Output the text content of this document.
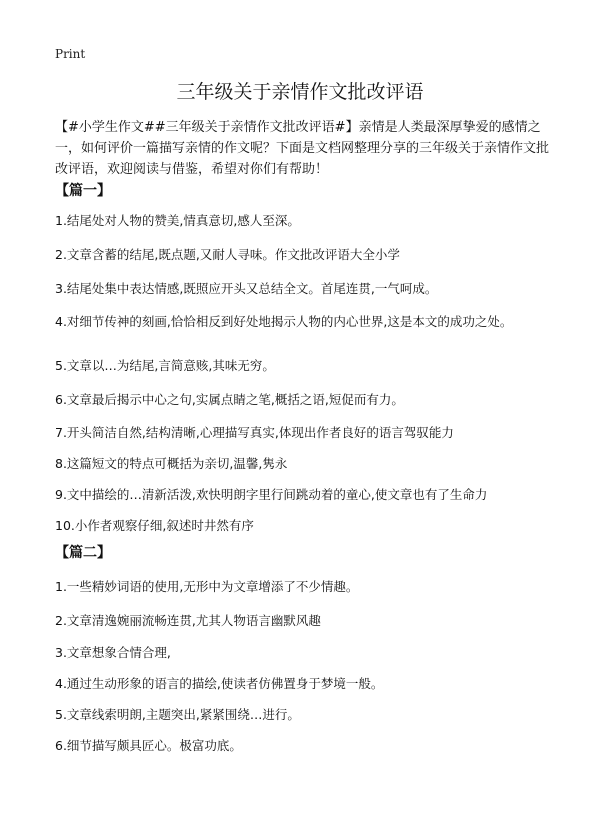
Print
三年级关于亲情作文批改评语
【#小学生作文##三年级关于亲情作文批改评语#】亲情是人类最深厚挚爱的感情之一，如何评价一篇描写亲情的作文呢？下面是文档网整理分享的三年级关于亲情作文批改评语，欢迎阅读与借鉴，希望对你们有帮助！
【篇一】
1.结尾处对人物的赞美,情真意切,感人至深。
2.文章含蓄的结尾,既点题,又耐人寻味。作文批改评语大全小学
3.结尾处集中表达情感,既照应开头又总结全文。首尾连贯,一气呵成。
4.对细节传神的刻画,恰恰相反到好处地揭示人物的内心世界,这是本文的成功之处。
5.文章以…为结尾,言简意赅,其味无穷。
6.文章最后揭示中心之句,实属点睛之笔,概括之语,短促而有力。
7.开头简洁自然,结构清晰,心理描写真实,体现出作者良好的语言驾驭能力
8.这篇短文的特点可概括为亲切,温馨,隽永
9.文中描绘的…清新活泼,欢快明朗字里行间跳动着的童心,使文章也有了生命力
10.小作者观察仔细,叙述时井然有序
【篇二】
1.一些精妙词语的使用,无形中为文章增添了不少情趣。
2.文章清逸婉丽流畅连贯,尤其人物语言幽默风趣
3.文章想象合情合理,
4.通过生动形象的语言的描绘,使读者仿佛置身于梦境一般。
5.文章线索明朗,主题突出,紧紧围绕…进行。
6.细节描写颇具匠心。极富功底。
